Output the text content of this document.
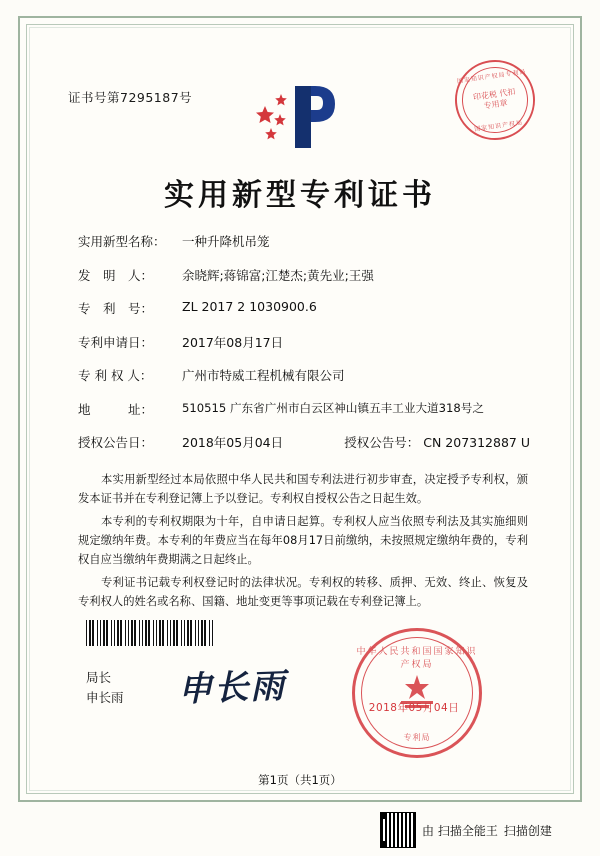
证书号第7295187号
国家知识产权局专利局
印花税 代扣专用章
国家知识产权局
实用新型专利证书
实用新型名称：	一种升降机吊笼
发　明　人：	余晓辉;蒋锦富;江楚杰;黄先业;王强
专　利　号：	ZL 2017 2 1030900.6
专利申请日：	2017年08月17日
专 利 权 人：	广州市特威工程机械有限公司
地　　　址：	510515 广东省广州市白云区神山镇五丰工业大道318号之
授权公告日：	2018年05月04日	授权公告号： CN 207312887 U

本实用新型经过本局依照中华人民共和国专利法进行初步审查，决定授予专利权，颁发本证书并在专利登记簿上予以登记。专利权自授权公告之日起生效。

本专利的专利权期限为十年，自申请日起算。专利权人应当依照专利法及其实施细则规定缴纳年费。本专利的年费应当在每年08月17日前缴纳，未按照规定缴纳年费的，专利权自应当缴纳年费期满之日起终止。

专利证书记载专利权登记时的法律状况。专利权的转移、质押、无效、终止、恢复及专利权人的姓名或名称、国籍、地址变更等事项记载在专利登记簿上。

局长
申长雨 申长雨
中华人民共和国国家知识产权局
专利局
2018年05月04日
第1页（共1页）
由 扫描全能王 扫描创建
